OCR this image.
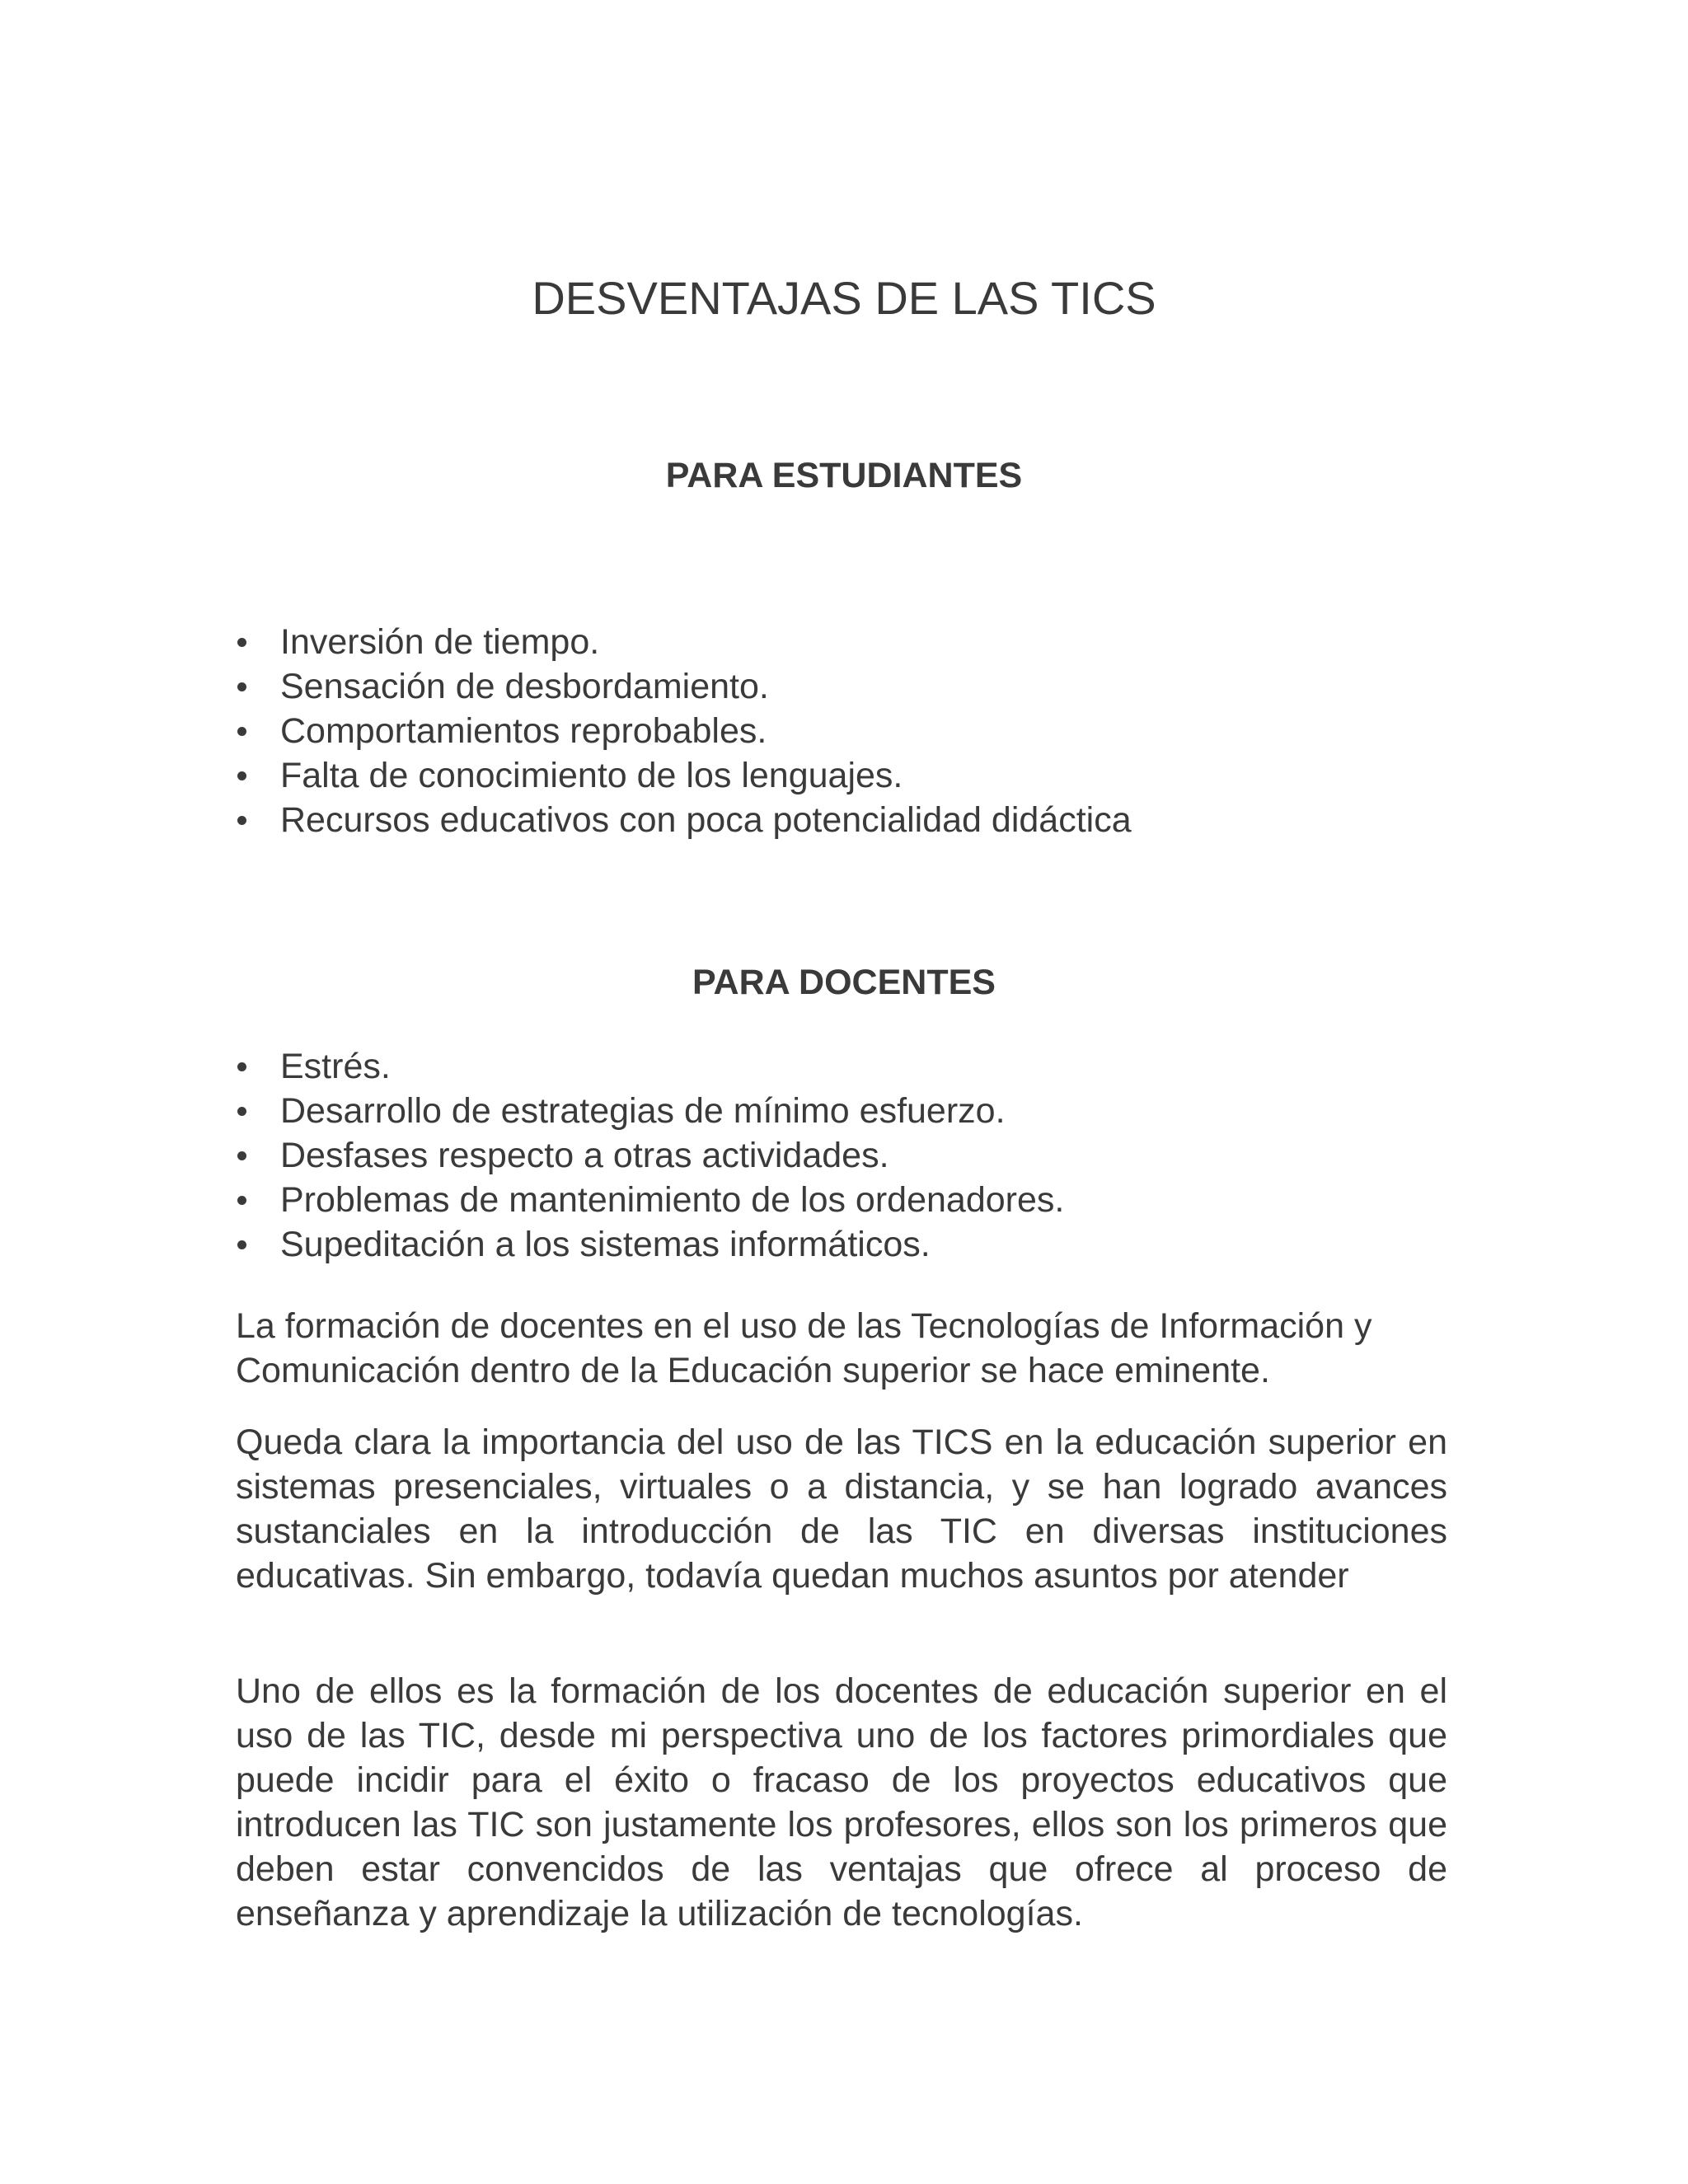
DESVENTAJAS DE LAS TICS
PARA ESTUDIANTES
Inversión de tiempo.
Sensación de desbordamiento.
Comportamientos reprobables.
Falta de conocimiento de los lenguajes.
Recursos educativos con poca potencialidad didáctica
PARA DOCENTES
Estrés.
Desarrollo de estrategias de mínimo esfuerzo.
Desfases respecto a otras actividades.
Problemas de mantenimiento de los ordenadores.
Supeditación a los sistemas informáticos.

La formación de docentes en el uso de las Tecnologías de Información y Comunicación dentro de la Educación superior se hace eminente.

Queda clara la importancia del uso de las TICS en la educación superior en sistemas presenciales, virtuales o a distancia, y se han logrado avances sustanciales en la introducción de las TIC en diversas instituciones educativas. Sin embargo, todavía quedan muchos asuntos por atender

Uno de ellos es la formación de los docentes de educación superior en el uso de las TIC, desde mi perspectiva uno de los factores primordiales que puede incidir para el éxito o fracaso de los proyectos educativos que introducen las TIC son justamente los profesores, ellos son los primeros que deben estar convencidos de las ventajas que ofrece al proceso de enseñanza y aprendizaje la utilización de tecnologías.
